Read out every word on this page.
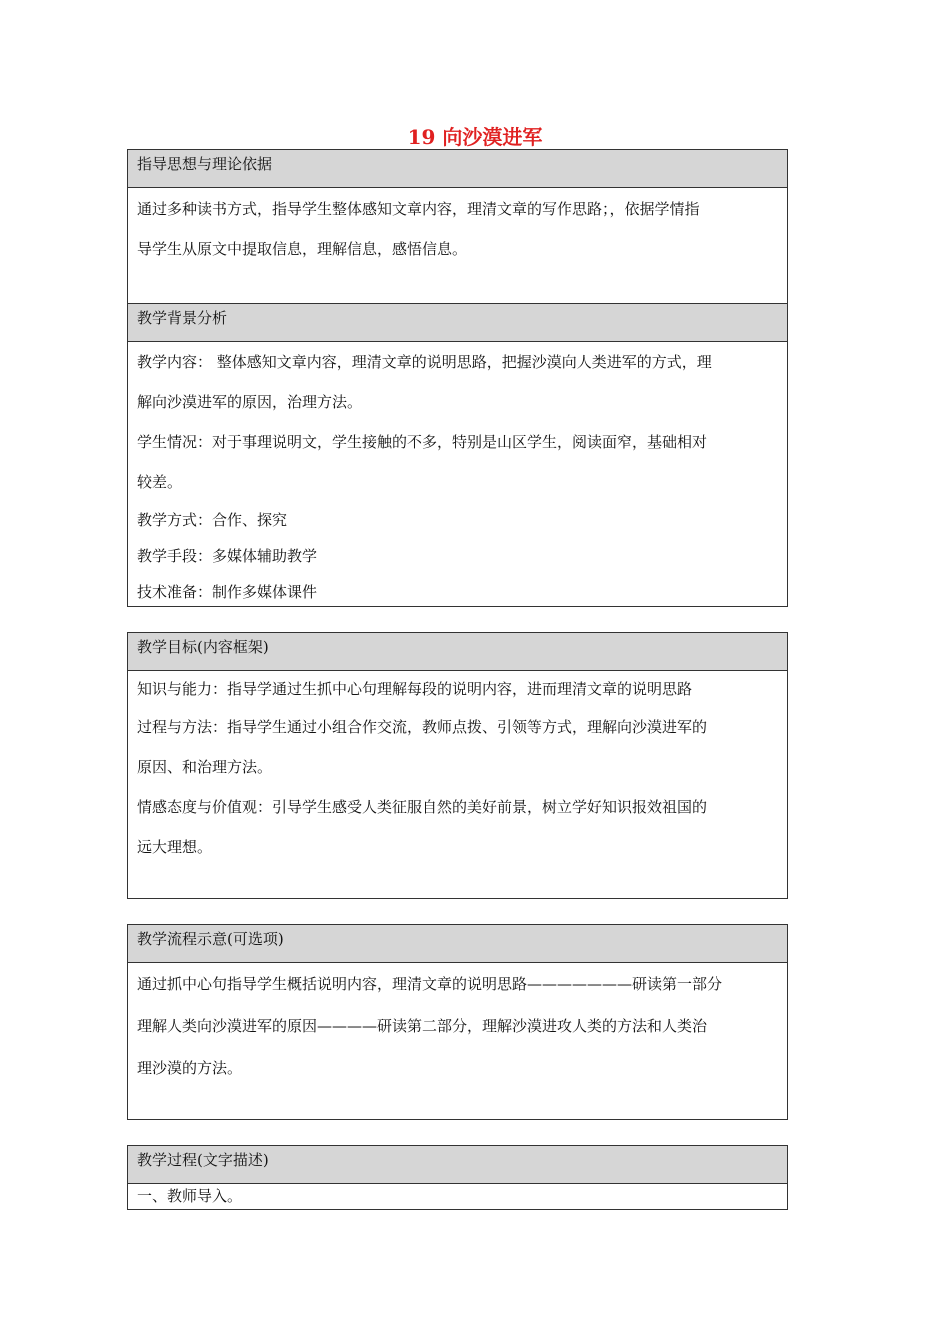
19 向沙漠进军
指导思想与理论依据

通过多种读书方式，指导学生整体感知文章内容，理清文章的写作思路；，依据学情指

导学生从原文中提取信息，理解信息，感悟信息。

教学背景分析

教学内容： 整体感知文章内容，理清文章的说明思路，把握沙漠向人类进军的方式，理

解向沙漠进军的原因，治理方法。

学生情况：对于事理说明文，学生接触的不多，特别是山区学生，阅读面窄，基础相对

较差。

教学方式：合作、探究

教学手段：多媒体辅助教学

技术准备：制作多媒体课件

教学目标(内容框架)

知识与能力：指导学通过生抓中心句理解每段的说明内容，进而理清文章的说明思路

过程与方法：指导学生通过小组合作交流，教师点拨、引领等方式，理解向沙漠进军的

原因、和治理方法。

情感态度与价值观：引导学生感受人类征服自然的美好前景，树立学好知识报效祖国的

远大理想。

教学流程示意(可选项)

通过抓中心句指导学生概括说明内容，理清文章的说明思路———————研读第一部分

理解人类向沙漠进军的原因————研读第二部分，理解沙漠进攻人类的方法和人类治

理沙漠的方法。

教学过程(文字描述)

一、教师导入。
